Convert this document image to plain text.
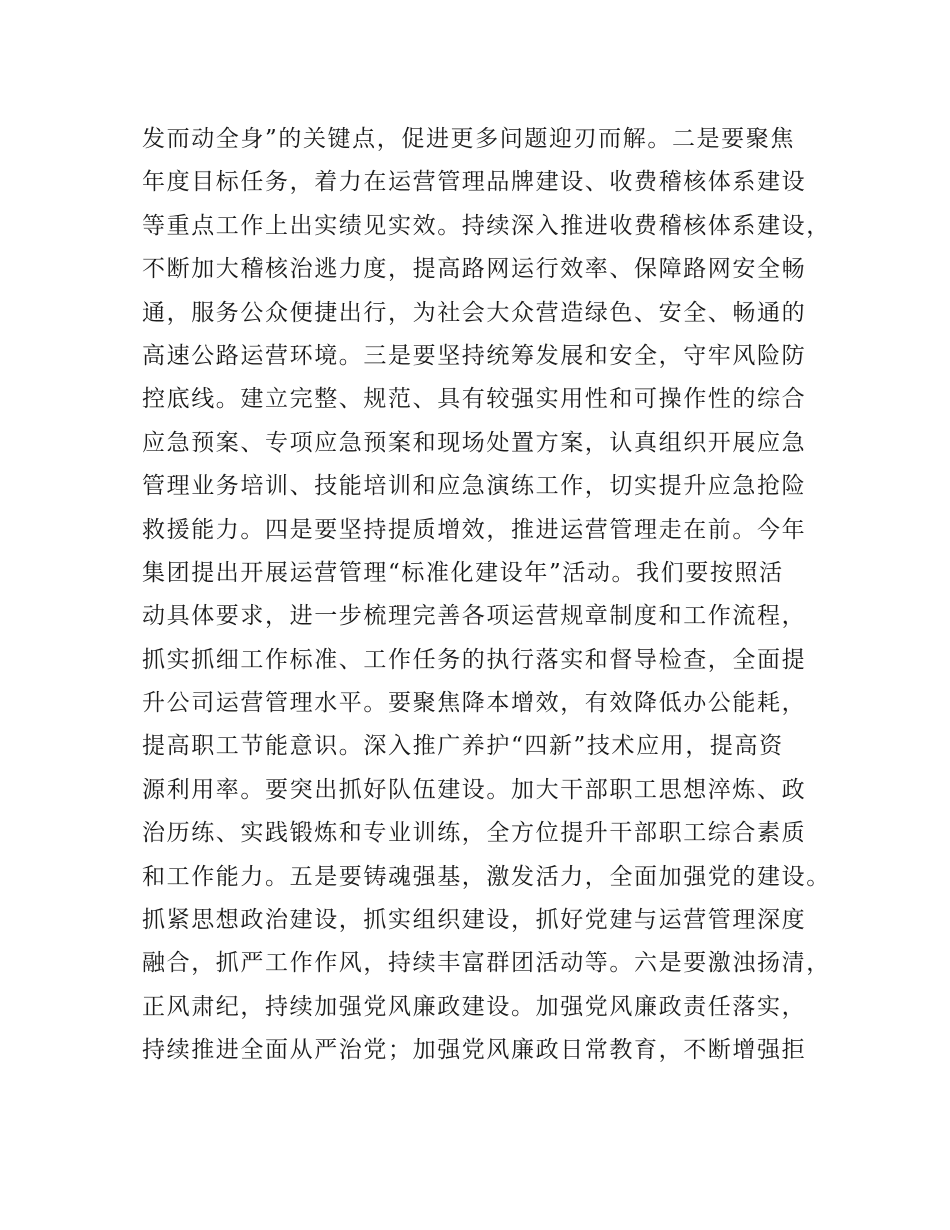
发而动全身”的关键点，促进更多问题迎刃而解。二是要聚焦
年度目标任务，着力在运营管理品牌建设、收费稽核体系建设
等重点工作上出实绩见实效。持续深入推进收费稽核体系建设，
不断加大稽核治逃力度，提高路网运行效率、保障路网安全畅
通，服务公众便捷出行，为社会大众营造绿色、安全、畅通的
高速公路运营环境。三是要坚持统筹发展和安全，守牢风险防
控底线。建立完整、规范、具有较强实用性和可操作性的综合
应急预案、专项应急预案和现场处置方案，认真组织开展应急
管理业务培训、技能培训和应急演练工作，切实提升应急抢险
救援能力。四是要坚持提质增效，推进运营管理走在前。今年
集团提出开展运营管理“标准化建设年”活动。我们要按照活
动具体要求，进一步梳理完善各项运营规章制度和工作流程，
抓实抓细工作标准、工作任务的执行落实和督导检查，全面提
升公司运营管理水平。要聚焦降本增效，有效降低办公能耗，
提高职工节能意识。深入推广养护“四新”技术应用，提高资
源利用率。要突出抓好队伍建设。加大干部职工思想淬炼、政
治历练、实践锻炼和专业训练，全方位提升干部职工综合素质
和工作能力。五是要铸魂强基，激发活力，全面加强党的建设。
抓紧思想政治建设，抓实组织建设，抓好党建与运营管理深度
融合，抓严工作作风，持续丰富群团活动等。六是要激浊扬清，
正风肃纪，持续加强党风廉政建设。加强党风廉政责任落实，
持续推进全面从严治党；加强党风廉政日常教育，不断增强拒
